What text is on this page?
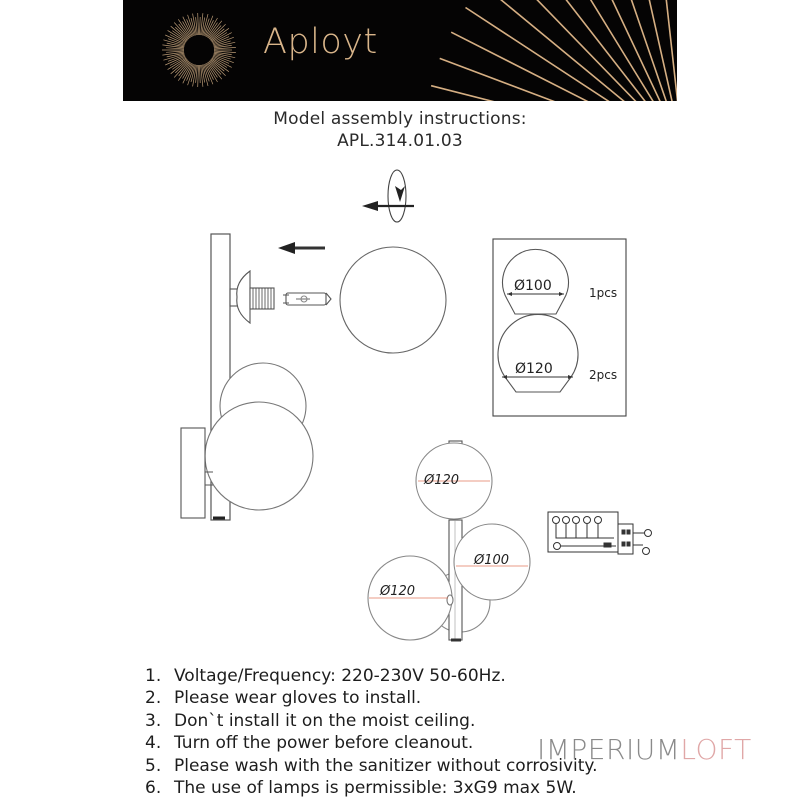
Aployt
Model assembly instructions:
APL.314.01.03
Ø100	1pcs
Ø120	2pcs
Ø120
Ø100
Ø120
1. Voltage/Frequency: 220-230V 50-60Hz.
2. Please wear gloves to install.
3. Don`t install it on the moist ceiling.
4. Turn off the power before cleanout.
5. Please wash with the sanitizer without corrosivity.
6. The use of lamps is permissible: 3xG9 max 5W.
IMPERIUMLOFT
